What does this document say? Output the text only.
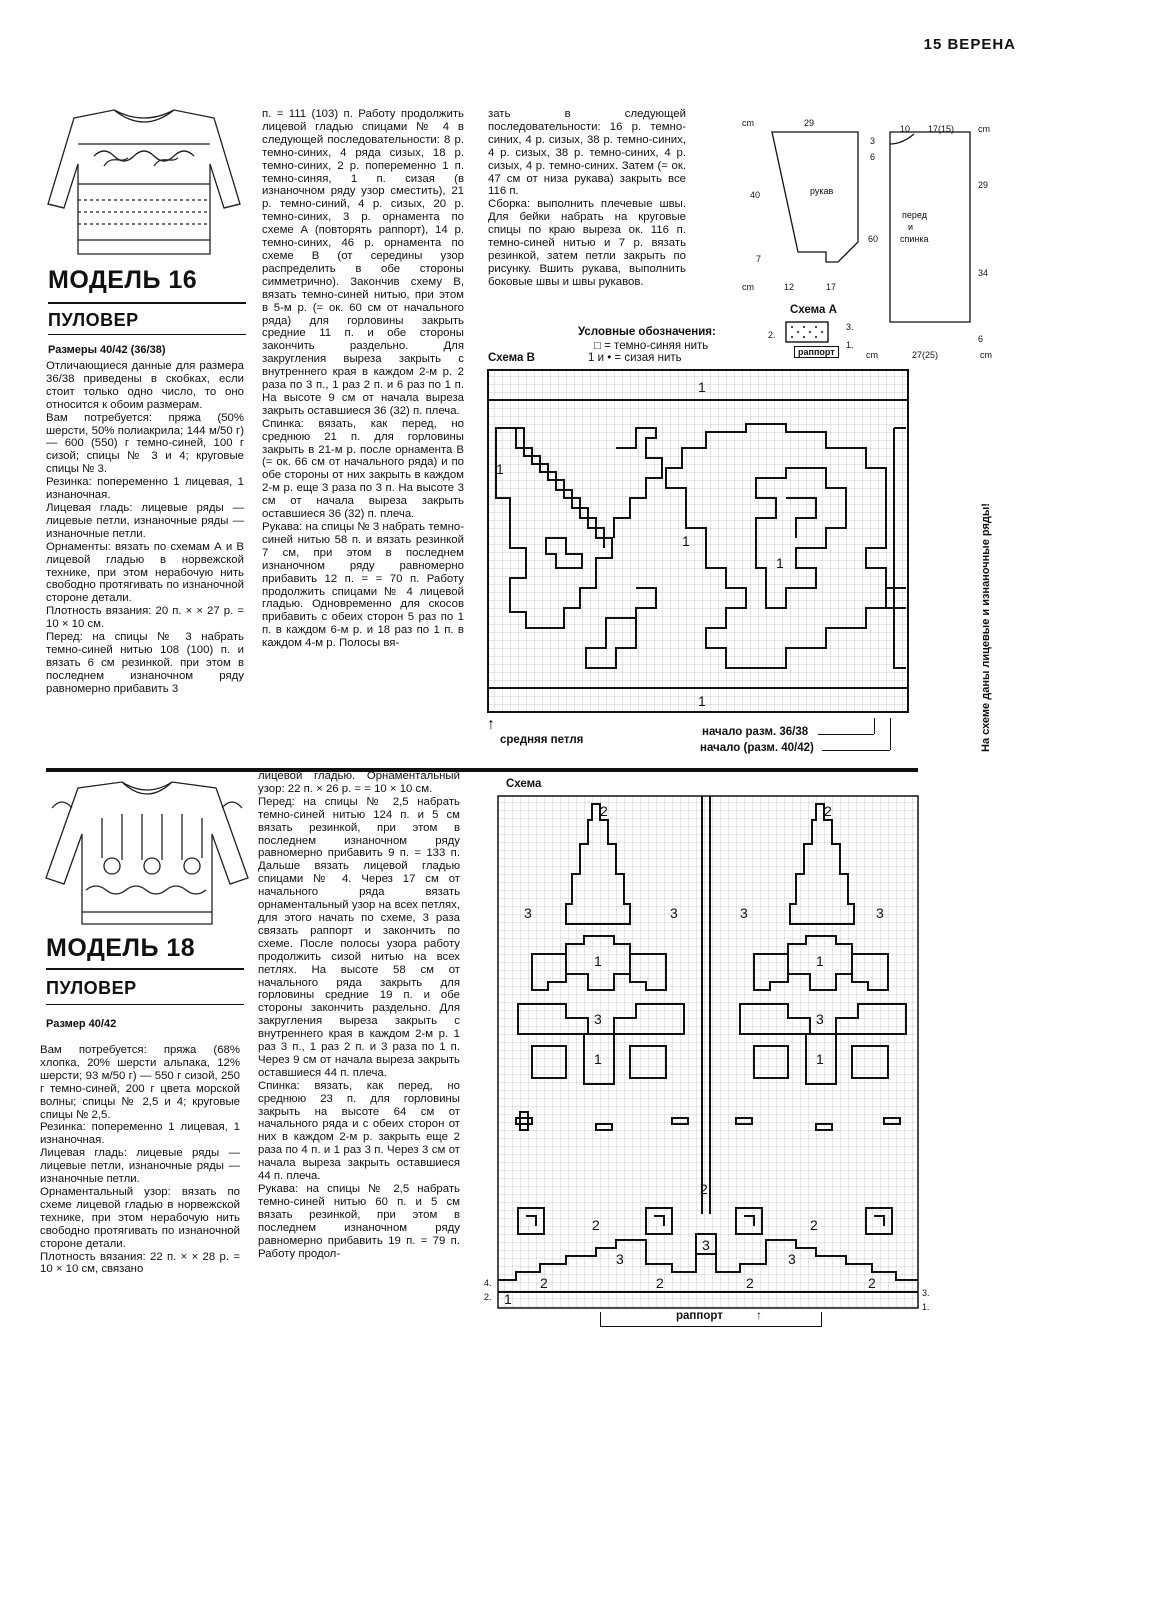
15 ВЕРЕНА
МОДЕЛЬ 16
ПУЛОВЕР
Размеры 40/42 (36/38)

Отличающиеся данные для размера 36/38 приведены в скобках, если стоит только одно число, то оно относится к обоим размерам.

Вам потребуется: пряжа (50% шерсти, 50% полиакрила; 144 м/50 г) — 600 (550) г темно-синей, 100 г сизой; спицы № 3 и 4; круговые спицы № 3.

Резинка: попеременно 1 лицевая, 1 изнаночная.

Лицевая гладь: лицевые ряды — лицевые петли, изнаночные ряды — изнаночные петли.

Орнаменты: вязать по схемам А и В лицевой гладью в норвежской технике, при этом нерабочую нить свободно протягивать по изнаночной стороне детали.

Плотность вязания: 20 п. × × 27 р. = 10 × 10 см.

Перед: на спицы № 3 набрать темно-синей нитью 108 (100) п. и вязать 6 см резинкой. при этом в последнем изнаночном ряду равномерно прибавить 3

п. = 111 (103) п. Работу продолжить лицевой гладью спицами № 4 в следующей последовательности: 8 р. темно-синих, 4 ряда сизых, 18 р. темно-синих, 2 р. попеременно 1 п. темно-синяя, 1 п. сизая (в изнаночном ряду узор сместить), 21 р. темно-синий, 4 р. сизых, 20 р. темно-синих, 3 р. орнамента по схеме А (повторять раппорт), 14 р. темно-синих, 46 р. орнамента по схеме В (от середины узор распределить в обе стороны симметрично). Закончив схему В, вязать темно-синей нитью, при этом в 5-м р. (= ок. 60 см от начального ряда) для горловины закрыть средние 11 п. и обе стороны закончить раздельно. Для закругления выреза закрыть с внутреннего края в каждом 2-м р. 2 раза по 3 п., 1 раз 2 п. и 6 раз по 1 п. На высоте 9 см от начала выреза закрыть оставшиеся 36 (32) п. плеча.

Спинка: вязать, как перед, но среднюю 21 п. для горловины закрыть в 21-м р. после орнамента В (= ок. 66 см от начального ряда) и по обе стороны от них закрыть в каждом 2-м р. еще 3 раза по 3 п. На высоте 3 см от начала выреза закрыть оставшиеся 36 (32) п. плеча.

Рукава: на спицы № 3 набрать темно-синей нитью 58 п. и вязать резинкой 7 см, при этом в последнем изнаночном ряду равномерно прибавить 12 п. = = 70 п. Работу продолжить спицами № 4 лицевой гладью. Одновременно для скосов прибавить с обеих сторон 5 раз по 1 п. в каждом 6-м р. и 18 раз по 1 п. в каждом 4-м р. Полосы вя-

зать в следующей последовательности: 16 р. темно-синих, 4 р. сизых, 38 р. темно-синих, 4 р. сизых, 38 р. темно-синих, 4 р. сизых, 4 р. темно-синих. Затем (= ок. 47 см от низа рукава) закрыть все 116 п.

Сборка: выполнить плечевые швы. Для бейки набрать на круговые спицы по краю выреза ок. 116 п. темно-синей нитью и 7 р. вязать резинкой, затем петли закрыть по рисунку. Вшить рукава, выполнить боковые швы и швы рукавов.

cm	29
40
7
cm	12	17
рукав
3
6
10 17(15)	cm
29
60
34
6
cm	27(25)	cm
перед
и
спинка
Схема А
2.
3.
1.
раппорт
Условные обозначения:
□ = темно-синяя нить
1 и • = сизая нить
Схема В
1
1
1
1
1
средняя петля
↑	начало разм. 36/38
начало (разм. 40/42)	На схеме даны лицевые и изнаночные ряды!
МОДЕЛЬ 18
ПУЛОВЕР
Размер 40/42

Вам потребуется: пряжа (68% хлопка, 20% шерсти альпака, 12% шерсти; 93 м/50 г) — 550 г сизой, 250 г темно-синей, 200 г цвета морской волны; спицы № 2,5 и 4; круговые спицы № 2,5.

Резинка: попеременно 1 лицевая, 1 изнаночная.

Лицевая гладь: лицевые ряды — лицевые петли, изнаночные ряды — изнаночные петли.

Орнаментальный узор: вязать по схеме лицевой гладью в норвежской технике, при этом нерабочую нить свободно протягивать по изнаночной стороне детали.

Плотность вязания: 22 п. × × 28 р. = 10 × 10 см, связано

лицевой гладью. Орнаментальный узор: 22 п. × 26 р. = = 10 × 10 см.

Перед: на спицы № 2,5 набрать темно-синей нитью 124 п. и 5 см вязать резинкой, при этом в последнем изнаночном ряду равномерно прибавить 9 п. = 133 п. Дальше вязать лицевой гладью спицами № 4. Через 17 см от начального ряда вязать орнаментальный узор на всех петлях, для этого начать по схеме, 3 раза связать раппорт и закончить по схеме. После полосы узора работу продолжить сизой нитью на всех петлях. На высоте 58 см от начального ряда закрыть для горловины средние 19 п. и обе стороны закончить раздельно. Для закругления выреза закрыть с внутреннего края в каждом 2-м р. 1 раз 3 п., 1 раз 2 п. и 3 раза по 1 п. Через 9 см от начала выреза закрыть оставшиеся 44 п. плеча.

Спинка: вязать, как перед, но среднюю 23 п. для горловины закрыть на высоте 64 см от начального ряда и с обеих сторон от них в каждом 2-м р. закрыть еще 2 раза по 4 п. и 1 раз 3 п. Через 3 см от начала выреза закрыть оставшиеся 44 п. плеча.

Рукава: на спицы № 2,5 набрать темно-синей нитью 60 п. и 5 см вязать резинкой, при этом в последнем изнаночном ряду равномерно прибавить 19 п. = 79 п. Работу продол-

Схема
3	3	3	3
1	1
3	3
1	1
2	2
2
2	2
2	2	2	2
3
3	3
1
4.
2.	3.
1.
раппорт	↑
